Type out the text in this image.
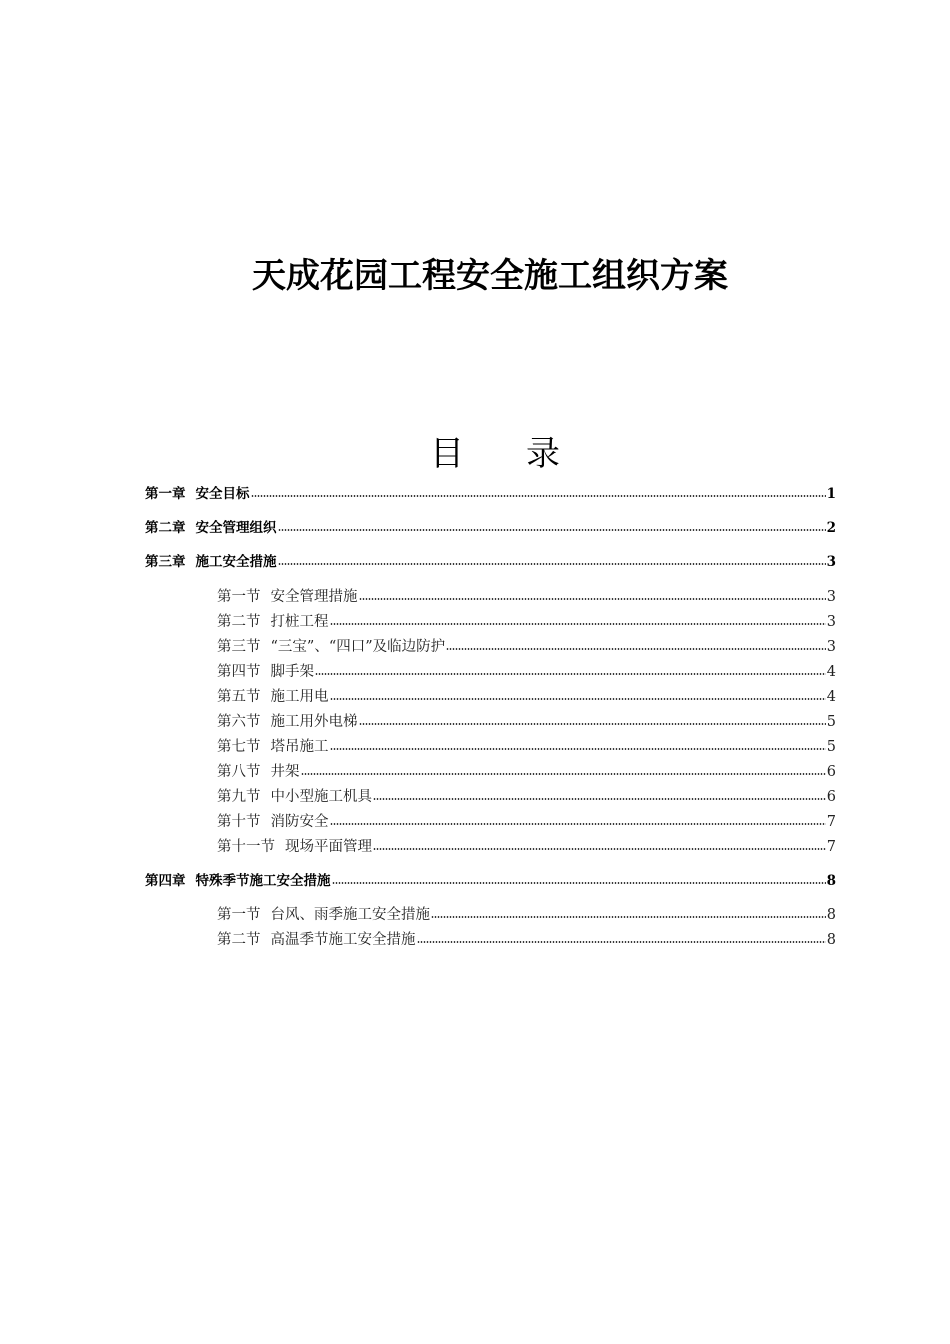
天成花园工程安全施工组织方案
目 录
第一章 安全目标	1
第二章 安全管理组织	2
第三章 施工安全措施	3
第一节 安全管理措施	3
第二节 打桩工程	3
第三节 “三宝”、“四口”及临边防护	3
第四节 脚手架	4
第五节 施工用电	4
第六节 施工用外电梯	5
第七节 塔吊施工	5
第八节 井架	6
第九节 中小型施工机具	6
第十节 消防安全	7
第十一节 现场平面管理	7
第四章 特殊季节施工安全措施	8
第一节 台风、雨季施工安全措施	8
第二节 高温季节施工安全措施	8
